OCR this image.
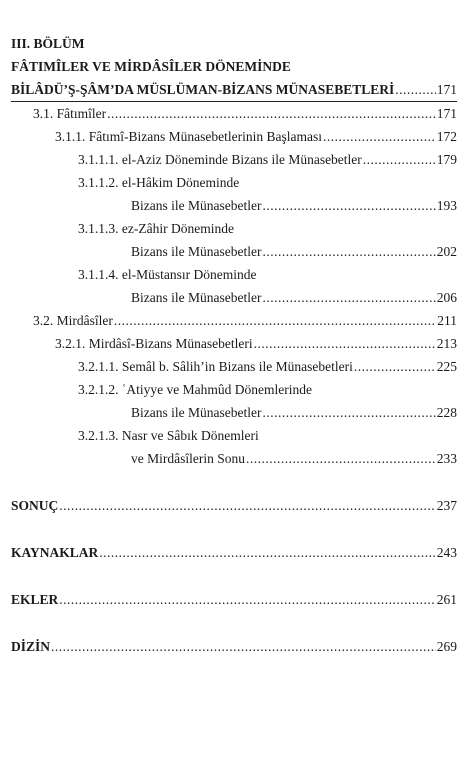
III. BÖLÜM
FÂTIMÎLER VE MİRDÂSÎLER DÖNEMİNDE
BİLÂDÜ’Ş-ŞÂM’DA MÜSLÜMAN-BİZANS MÜNASEBETLERİ .....	171
3.1. Fâtımîler .....	171
3.1.1. Fâtımî-Bizans Münasebetlerinin Başlaması .....	172
3.1.1.1. el-Aziz Döneminde Bizans ile Münasebetler .....	179
3.1.1.2. el-Hâkim Döneminde
Bizans ile Münasebetler .....	193
3.1.1.3. ez-Zâhir Döneminde
Bizans ile Münasebetler .....	202
3.1.1.4. el-Müstansır Döneminde
Bizans ile Münasebetler .....	206
3.2. Mirdâsîler .....	211
3.2.1. Mirdâsî-Bizans Münasebetleri .....	213
3.2.1.1. Semâl b. Sâlih’in Bizans ile Münasebetleri .....	225
3.2.1.2. ʿAtiyye ve Mahmûd Dönemlerinde
Bizans ile Münasebetler .....	228
3.2.1.3. Nasr ve Sâbık Dönemleri
ve Mirdâsîlerin Sonu .....	233
SONUÇ .....	237
KAYNAKLAR .....	243
EKLER .....	261
DİZİN .....	269
